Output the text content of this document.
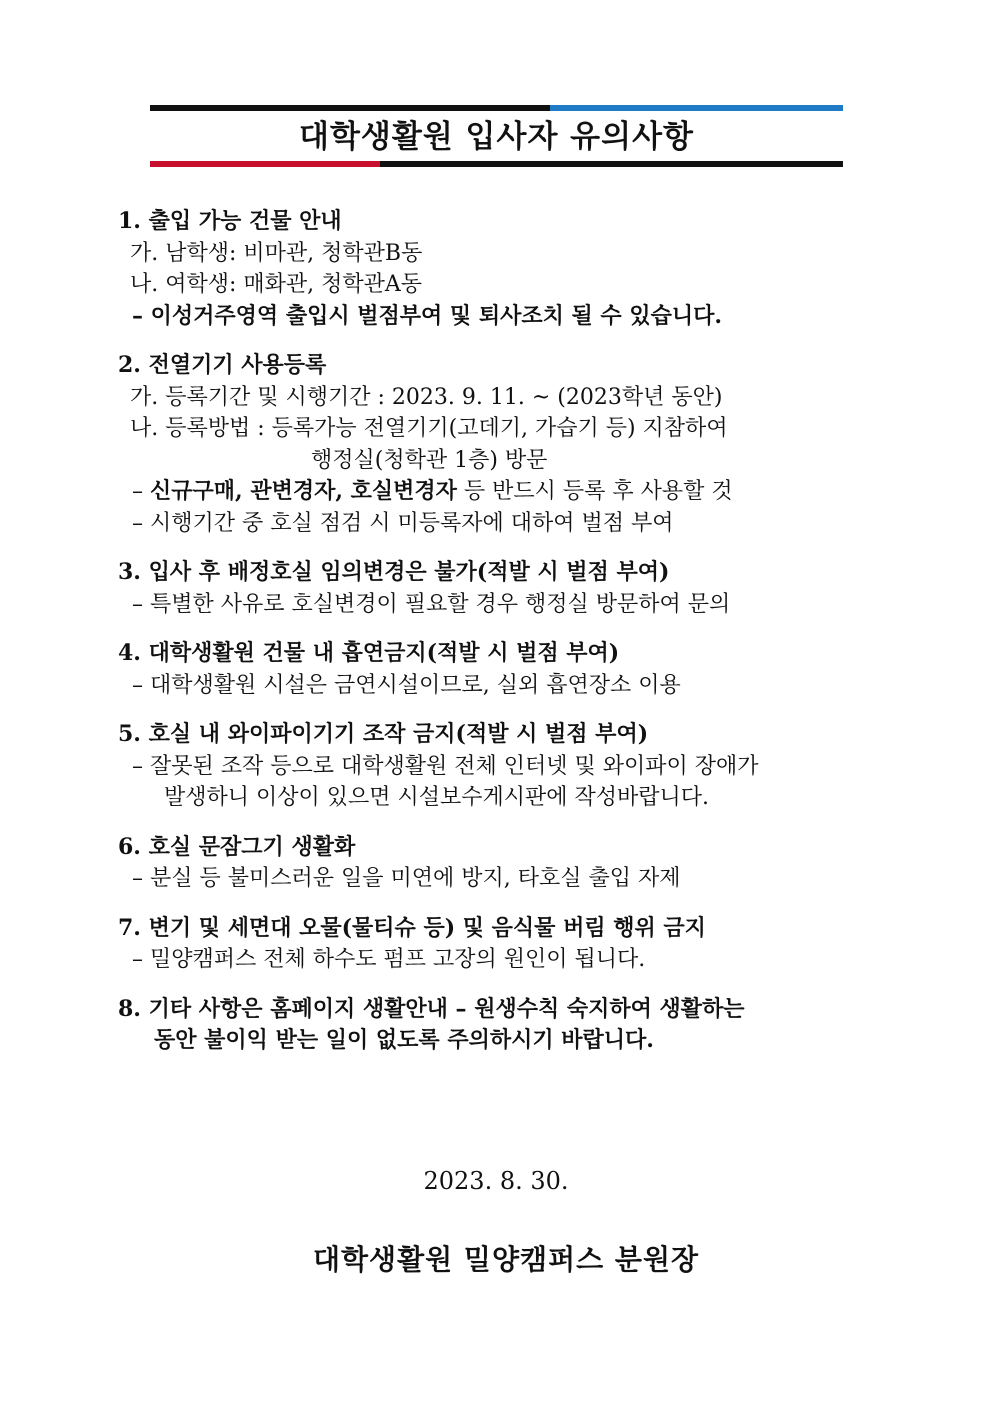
대학생활원 입사자 유의사항
1. 출입 가능 건물 안내
가. 남학생: 비마관, 청학관B동
나. 여학생: 매화관, 청학관A동
– 이성거주영역 출입시 벌점부여 및 퇴사조치 될 수 있습니다.
2. 전열기기 사용등록
가. 등록기간 및 시행기간 : 2023. 9. 11. ~ (2023학년 동안)
나. 등록방법 : 등록가능 전열기기(고데기, 가습기 등) 지참하여
행정실(청학관 1층) 방문
– 신규구매, 관변경자, 호실변경자 등 반드시 등록 후 사용할 것
– 시행기간 중 호실 점검 시 미등록자에 대하여 벌점 부여
3. 입사 후 배정호실 임의변경은 불가(적발 시 벌점 부여)
– 특별한 사유로 호실변경이 필요할 경우 행정실 방문하여 문의
4. 대학생활원 건물 내 흡연금지(적발 시 벌점 부여)
– 대학생활원 시설은 금연시설이므로, 실외 흡연장소 이용
5. 호실 내 와이파이기기 조작 금지(적발 시 벌점 부여)
– 잘못된 조작 등으로 대학생활원 전체 인터넷 및 와이파이 장애가
발생하니 이상이 있으면 시설보수게시판에 작성바랍니다.
6. 호실 문잠그기 생활화
– 분실 등 불미스러운 일을 미연에 방지, 타호실 출입 자제
7. 변기 및 세면대 오물(물티슈 등) 및 음식물 버림 행위 금지
– 밀양캠퍼스 전체 하수도 펌프 고장의 원인이 됩니다.
8. 기타 사항은 홈페이지 생활안내 – 원생수칙 숙지하여 생활하는
동안 불이익 받는 일이 없도록 주의하시기 바랍니다.
2023. 8. 30.
대학생활원 밀양캠퍼스 분원장
